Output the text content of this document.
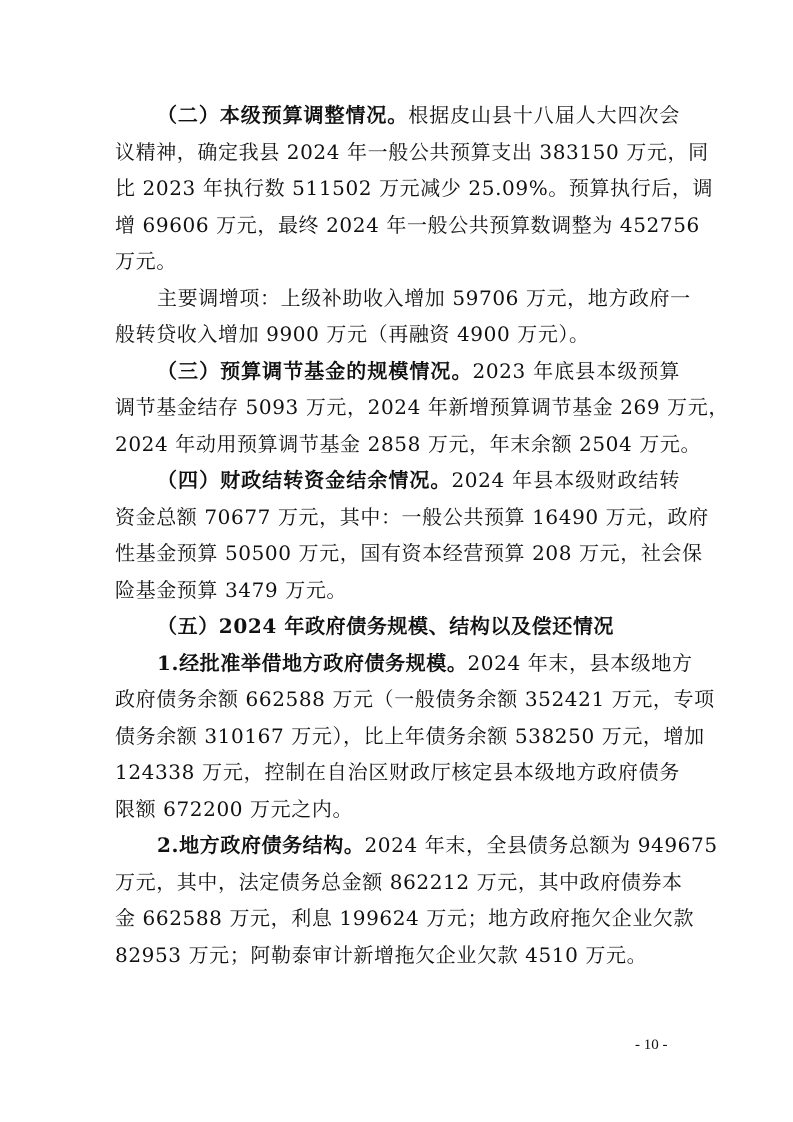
（二）本级预算调整情况。根据皮山县十八届人大四次会
议精神，确定我县 2024 年一般公共预算支出 383150 万元，同
比 2023 年执行数 511502 万元减少 25.09%。预算执行后，调
增 69606 万元，最终 2024 年一般公共预算数调整为 452756
万元。
主要调增项：上级补助收入增加 59706 万元，地方政府一
般转贷收入增加 9900 万元（再融资 4900 万元）。
（三）预算调节基金的规模情况。2023 年底县本级预算
调节基金结存 5093 万元，2024 年新增预算调节基金 269 万元，
2024 年动用预算调节基金 2858 万元，年末余额 2504 万元。
（四）财政结转资金结余情况。2024 年县本级财政结转
资金总额 70677 万元，其中：一般公共预算 16490 万元，政府
性基金预算 50500 万元，国有资本经营预算 208 万元，社会保
险基金预算 3479 万元。
（五）2024 年政府债务规模、结构以及偿还情况
1.经批准举借地方政府债务规模。2024 年末，县本级地方
政府债务余额 662588 万元（一般债务余额 352421 万元，专项
债务余额 310167 万元），比上年债务余额 538250 万元，增加
124338 万元，控制在自治区财政厅核定县本级地方政府债务
限额 672200 万元之内。
2.地方政府债务结构。2024 年末，全县债务总额为 949675
万元，其中，法定债务总金额 862212 万元，其中政府债券本
金 662588 万元，利息 199624 万元；地方政府拖欠企业欠款
82953 万元；阿勒泰审计新增拖欠企业欠款 4510 万元。
- 10 -
